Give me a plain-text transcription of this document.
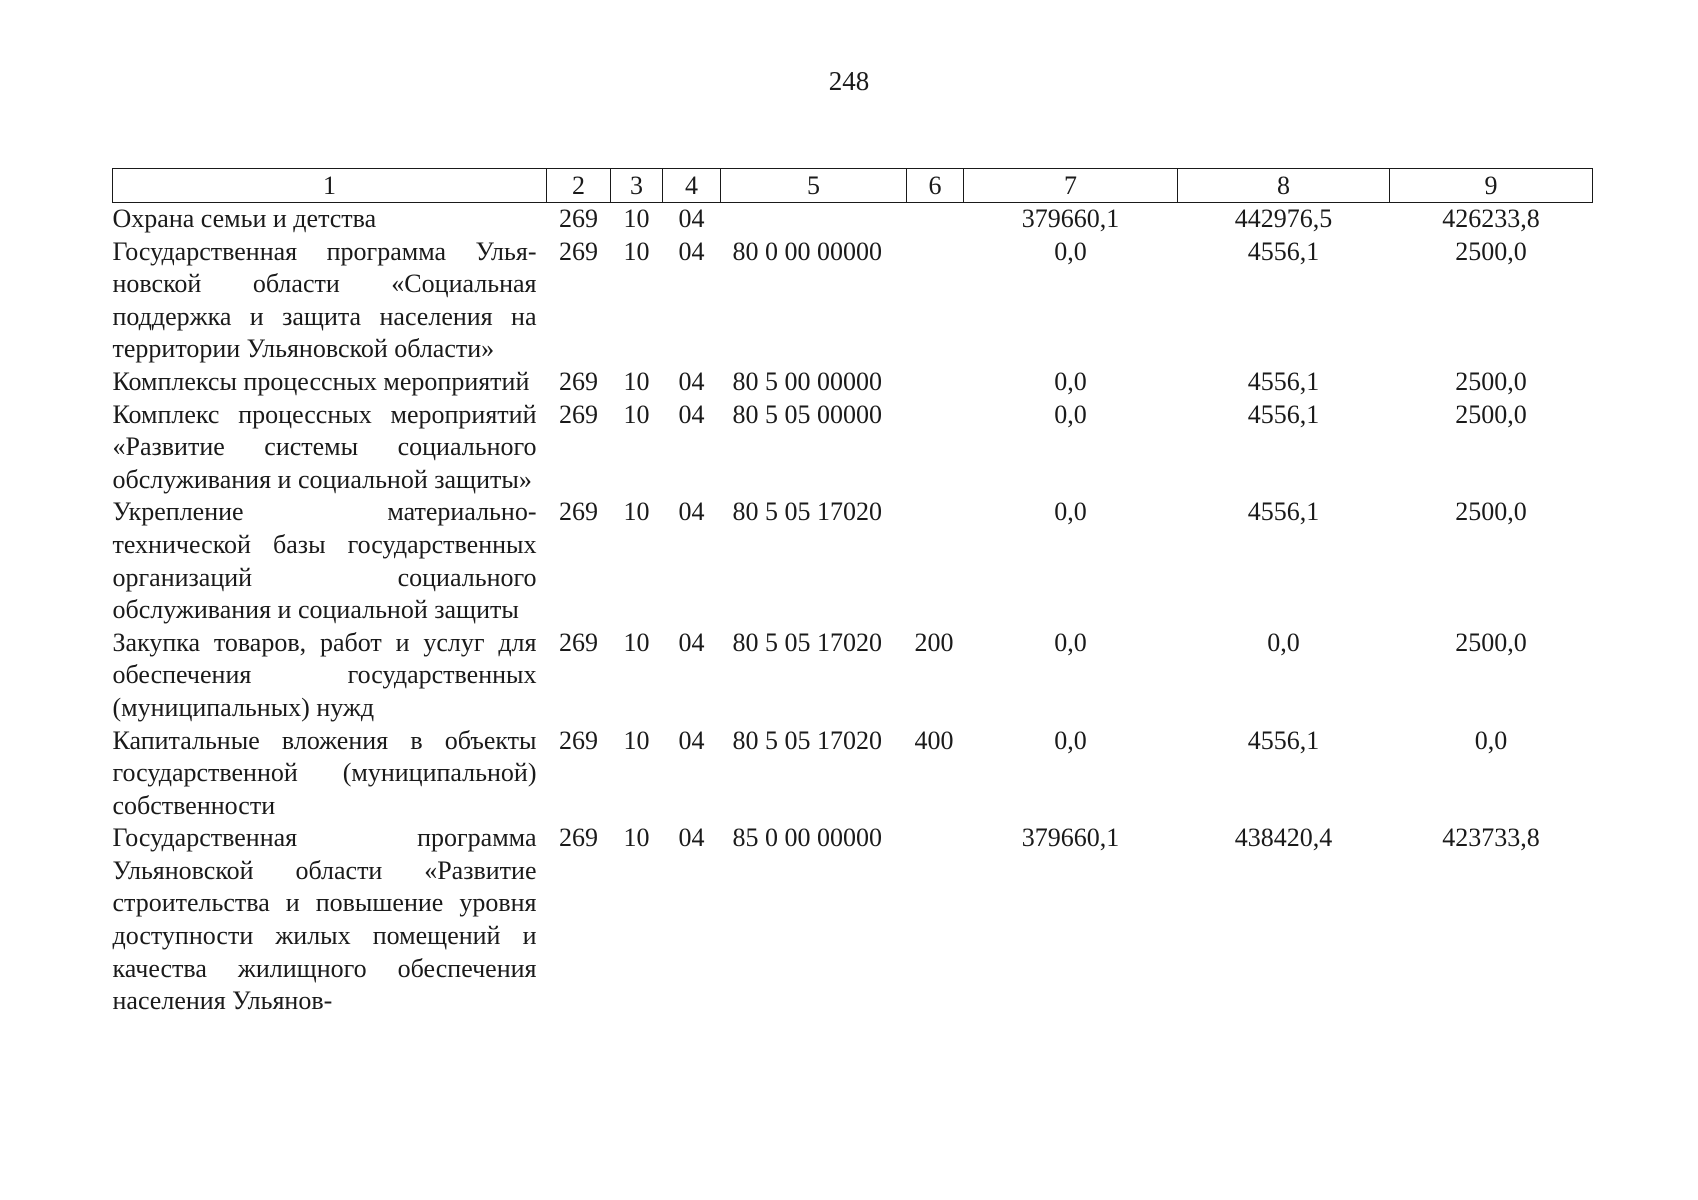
248
1	2	3	4	5	6	7	8	9
Охрана семьи и детства	269	10	04			379660,1	442976,5	426233,8
Государственная программа Ульяновской области «Социальная поддержка и защита населения на территории Ульяновской области»	269	10	04	80 0 00 00000		0,0	4556,1	2500,0
Комплексы процессных мероприятий	269	10	04	80 5 00 00000		0,0	4556,1	2500,0
Комплекс процессных мероприятий «Развитие системы социального обслуживания и социальной защиты»	269	10	04	80 5 05 00000		0,0	4556,1	2500,0
Укрепление материально-технической базы государственных организаций социального обслуживания и социальной защиты	269	10	04	80 5 05 17020		0,0	4556,1	2500,0
Закупка товаров, работ и услуг для обеспечения государственных (муниципальных) нужд	269	10	04	80 5 05 17020	200	0,0	0,0	2500,0
Капитальные вложения в объекты государственной (муниципальной) собственности	269	10	04	80 5 05 17020	400	0,0	4556,1	0,0
Государственная программа Ульяновской области «Развитие строительства и повышение уровня доступности жилых помещений и качества жилищного обеспечения населения Ульянов-	269	10	04	85 0 00 00000		379660,1	438420,4	423733,8
